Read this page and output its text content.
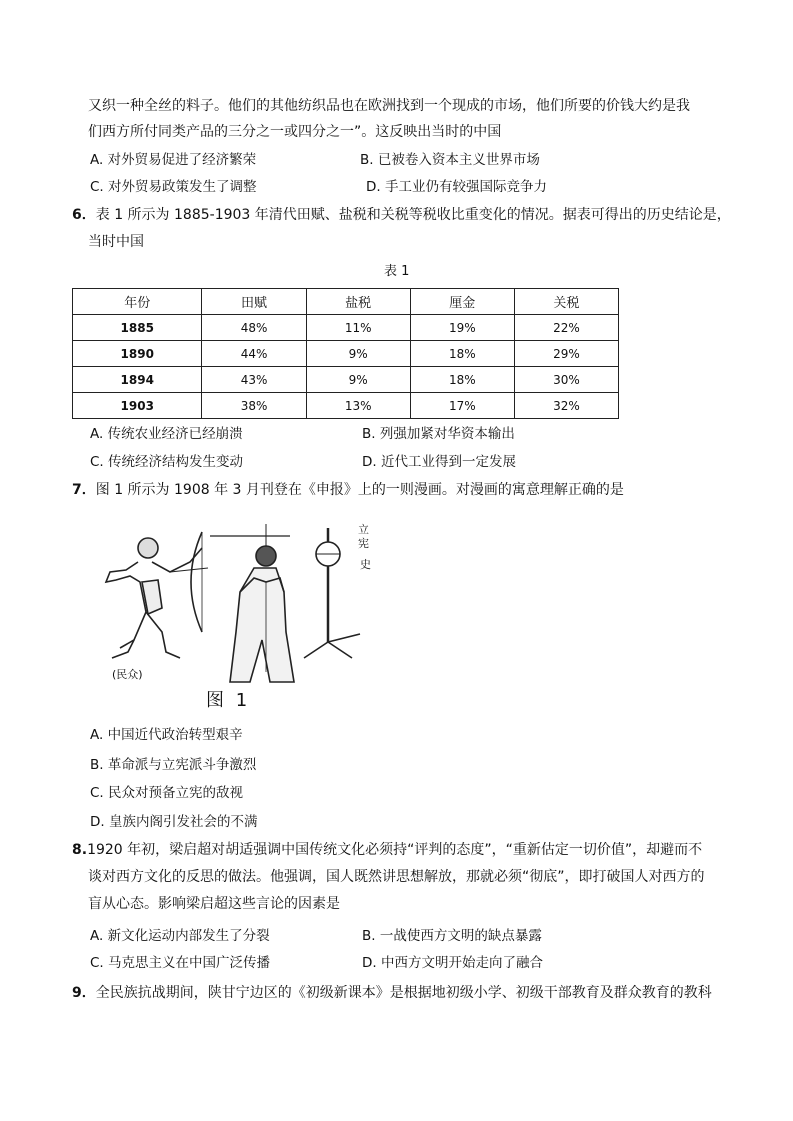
又织一种全丝的料子。他们的其他纺织品也在欧洲找到一个现成的市场，他们所要的价钱大约是我
们西方所付同类产品的三分之一或四分之一”。这反映出当时的中国
A. 对外贸易促进了经济繁荣	B. 已被卷入资本主义世界市场
C. 对外贸易政策发生了调整	D. 手工业仍有较强国际竞争力
6．表 1 所示为 1885-1903 年清代田赋、盐税和关税等税收比重变化的情况。据表可得出的历史结论是，
当时中国
表 1
年份	田赋	盐税	厘金	关税
1885	48%	11%	19%	22%
1890	44%	9%	18%	29%
1894	43%	9%	18%	30%
1903	38%	13%	17%	32%
A. 传统农业经济已经崩溃	B. 列强加紧对华资本输出
C. 传统经济结构发生变动	D. 近代工业得到一定发展
7．图 1 所示为 1908 年 3 月刊登在《申报》上的一则漫画。对漫画的寓意理解正确的是
立
宪
史
(民众)
图 1
A. 中国近代政治转型艰辛
B. 革命派与立宪派斗争激烈
C. 民众对预备立宪的敌视
D. 皇族内阁引发社会的不满
8.1920 年初，梁启超对胡适强调中国传统文化必须持“评判的态度”，“重新估定一切价值”，却避而不
谈对西方文化的反思的做法。他强调，国人既然讲思想解放，那就必须“彻底”，即打破国人对西方的
盲从心态。影响梁启超这些言论的因素是
A. 新文化运动内部发生了分裂	B. 一战使西方文明的缺点暴露
C. 马克思主义在中国广泛传播	D. 中西方文明开始走向了融合
9．全民族抗战期间，陕甘宁边区的《初级新课本》是根据地初级小学、初级干部教育及群众教育的教科
